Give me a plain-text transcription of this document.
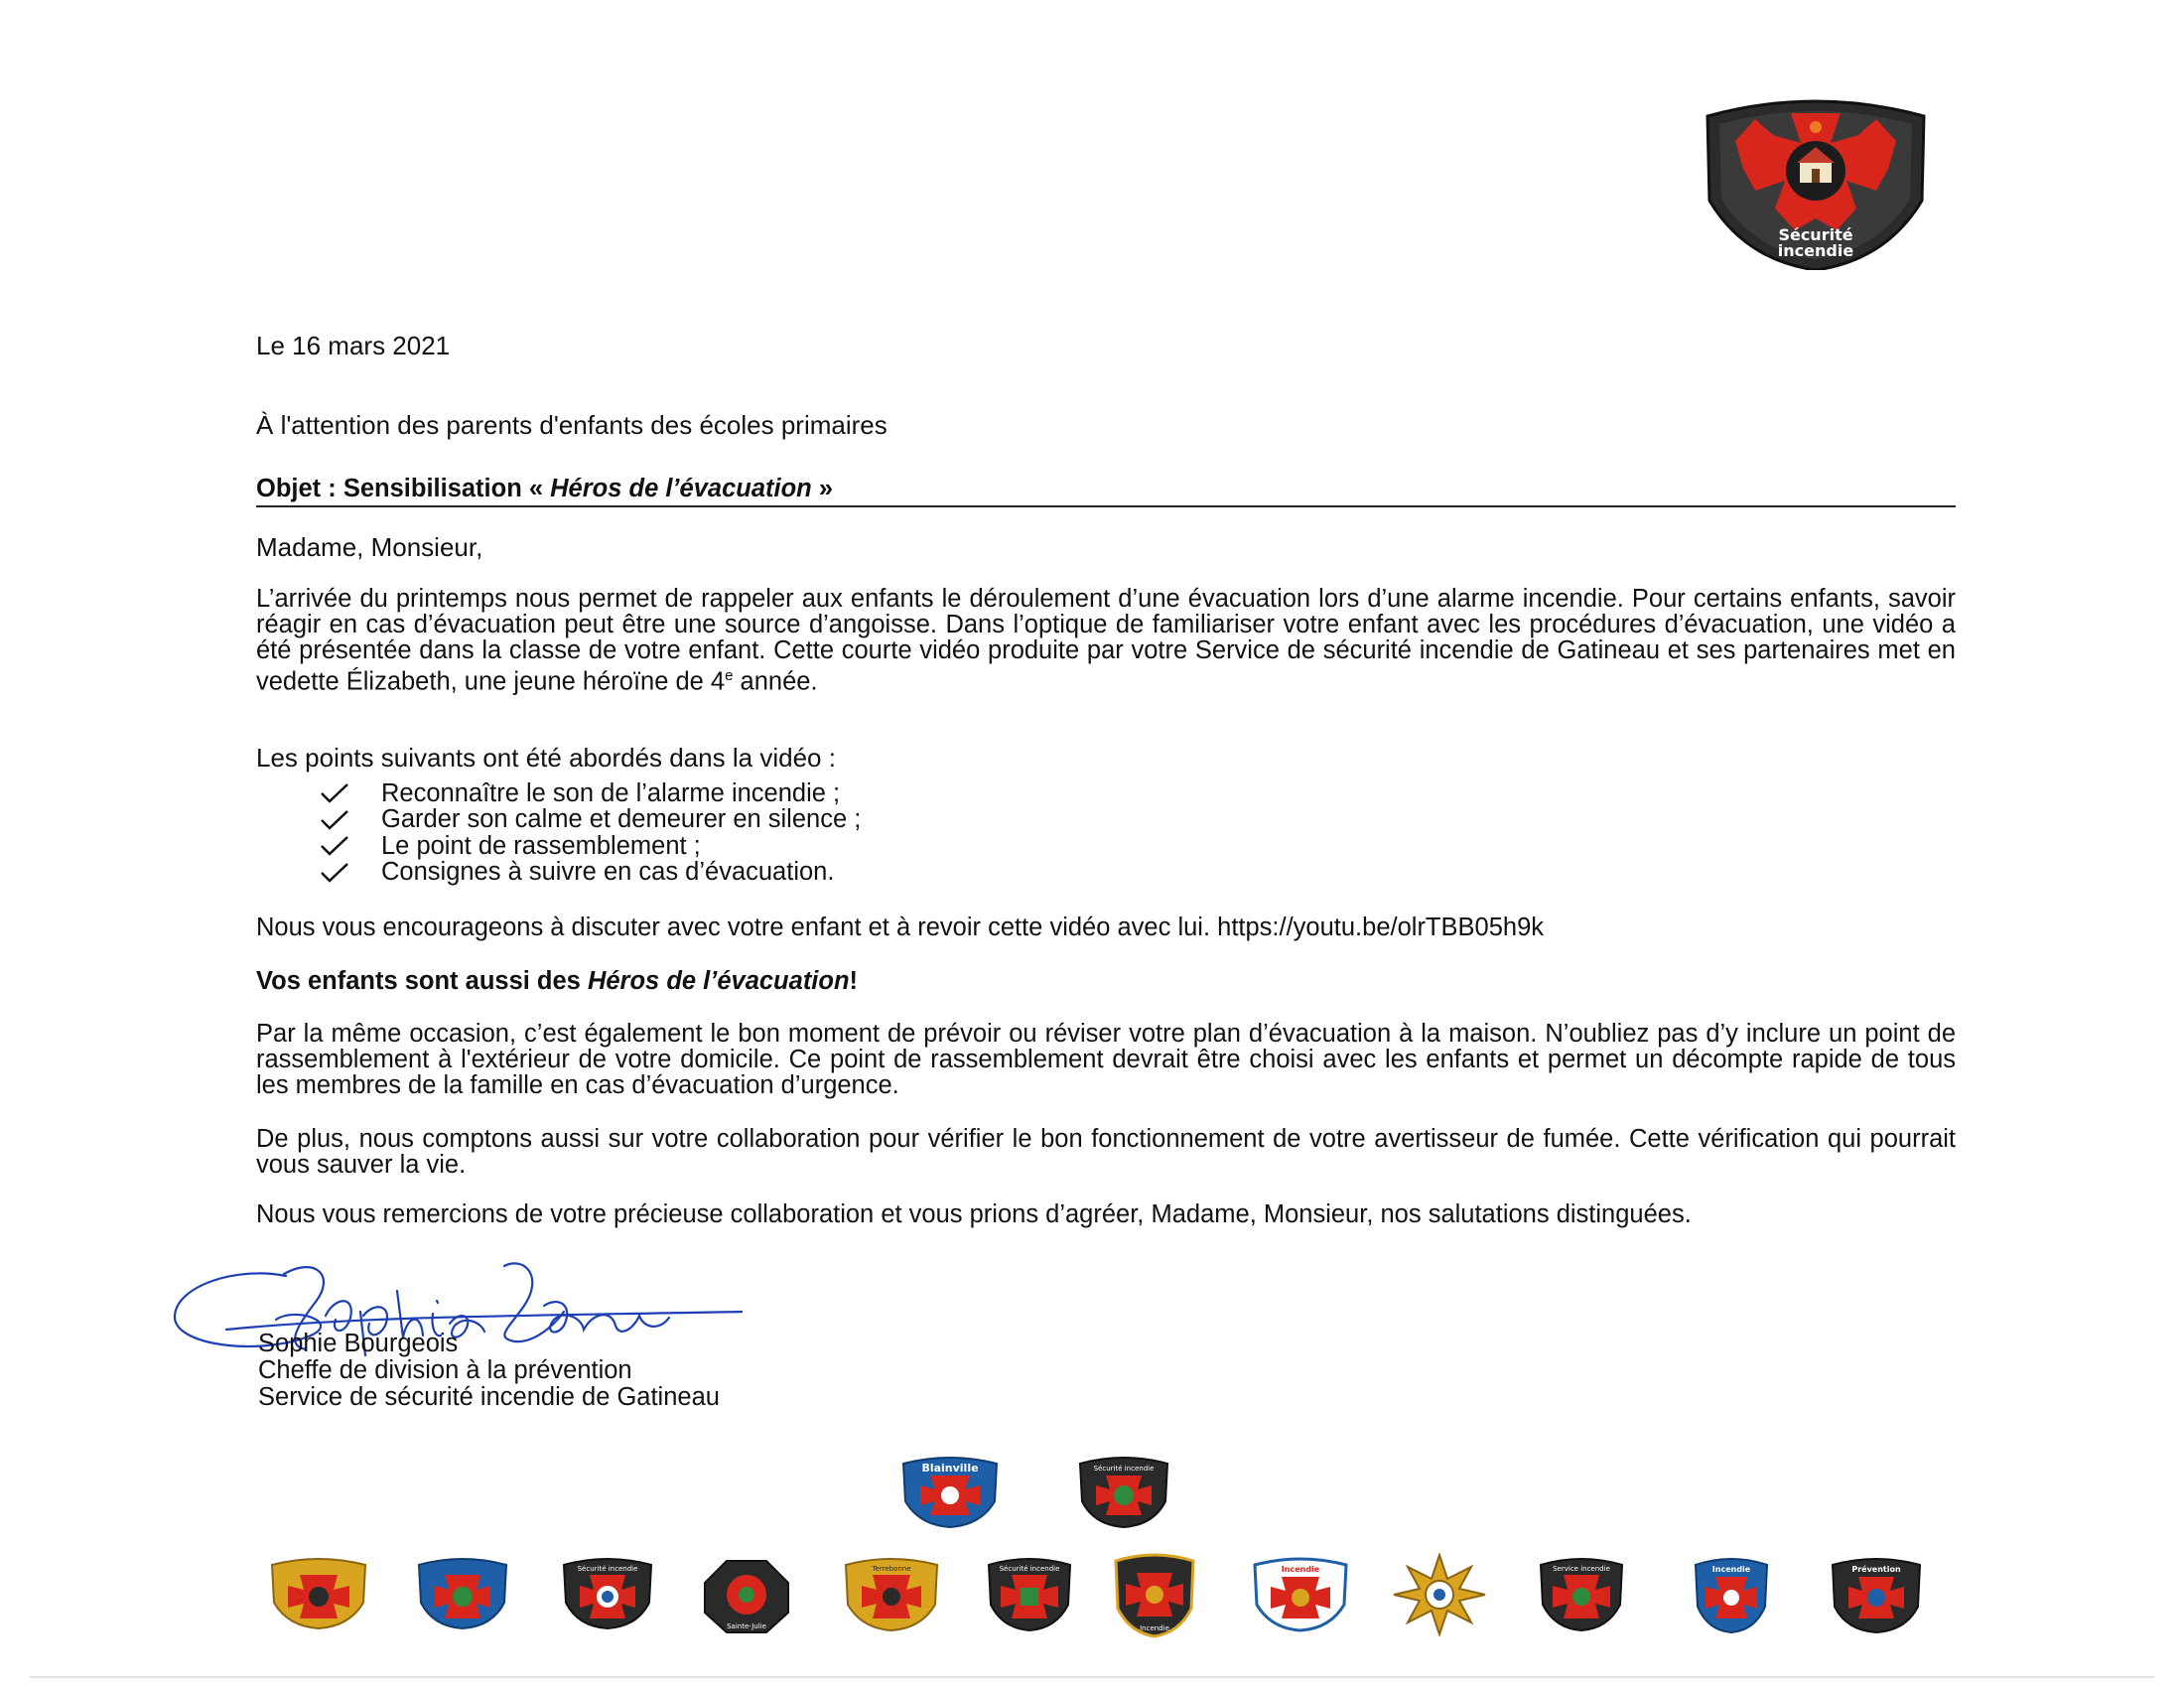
Sécurité
incendie
Le 16 mars 2021
À l'attention des parents d'enfants des écoles primaires
Objet : Sensibilisation « Héros de l’évacuation »
Madame, Monsieur,

L’arrivée du printemps nous permet de rappeler aux enfants le déroulement d’une évacuation lors d’une alarme incendie. Pour certains enfants, savoir réagir en cas d’évacuation peut être une source d’angoisse. Dans l’optique de familiariser votre enfant avec les procédures d’évacuation, une vidéo a été présentée dans la classe de votre enfant. Cette courte vidéo produite par votre Service de sécurité incendie de Gatineau et ses partenaires met en vedette Élizabeth, une jeune héroïne de 4e année.

Les points suivants ont été abordés dans la vidéo :
Reconnaître le son de l’alarme incendie ;
Garder son calme et demeurer en silence ;
Le point de rassemblement ;
Consignes à suivre en cas d’évacuation.
Nous vous encourageons à discuter avec votre enfant et à revoir cette vidéo avec lui. https://youtu.be/olrTBB05h9k
Vos enfants sont aussi des Héros de l’évacuation!

Par la même occasion, c’est également le bon moment de prévoir ou réviser votre plan d’évacuation à la maison. N’oubliez pas d’y inclure un point de rassemblement à l'extérieur de votre domicile. Ce point de rassemblement devrait être choisi avec les enfants et permet un décompte rapide de tous les membres de la famille en cas d’évacuation d’urgence.

De plus, nous comptons aussi sur votre collaboration pour vérifier le bon fonctionnement de votre avertisseur de fumée. Cette vérification qui pourrait vous sauver la vie.

Nous vous remercions de votre précieuse collaboration et vous prions d’agréer, Madame, Monsieur, nos salutations distinguées.

Sophie Bourgeois
Cheffe de division à la prévention
Service de sécurité incendie de Gatineau
Blainville	Sécurité incendie
Sécurité incendie
Sainte-Julie
Terrebonne	Sécurité incendie
Incendie
Incendie	Service incendie	Incendie	Prévention
